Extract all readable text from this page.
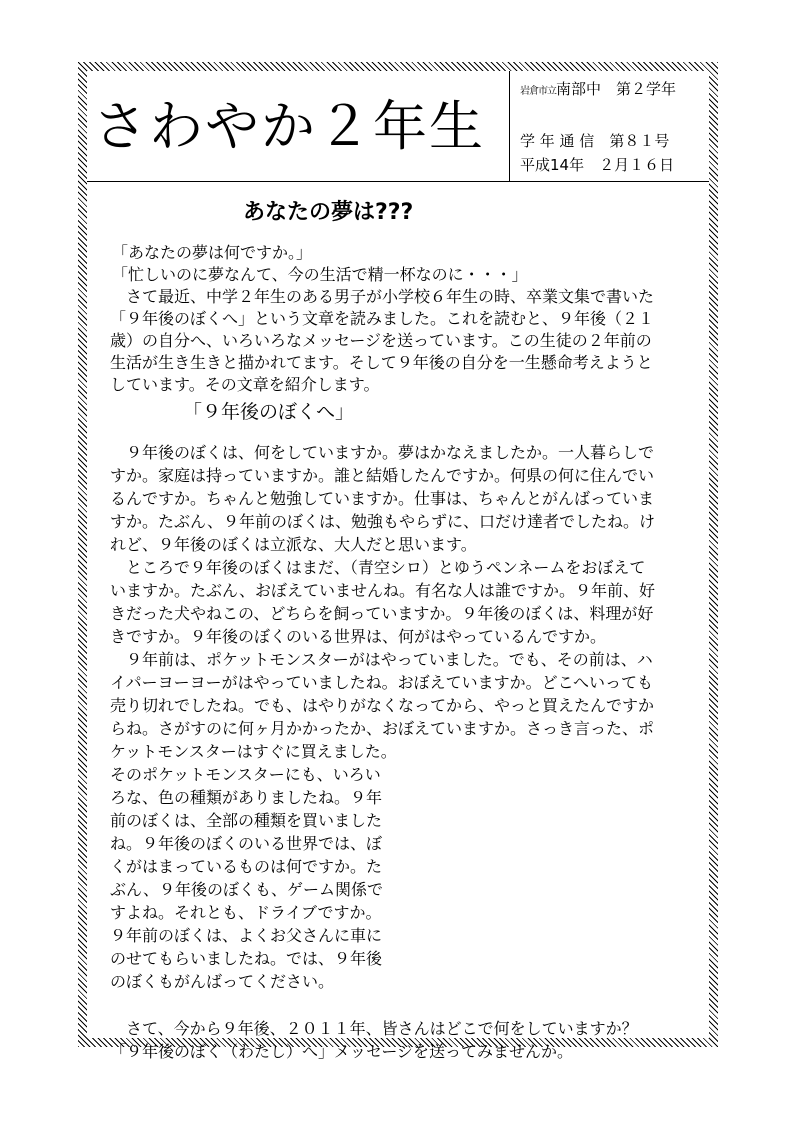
さわやか２年生
岩倉市立南部中　 第２学年
学 年 通 信　 第８１号
平成14年　 ２月１６日
あなたの夢は???
「あなたの夢は何ですか。」
「忙しいのに夢なんて、今の生活で精一杯なのに・・・」
　さて最近、中学２年生のある男子が小学校６年生の時、卒業文集で書いた
「９年後のぼくへ」という文章を読みました。これを読むと、９年後（２１
歳）の自分へ、いろいろなメッセージを送っています。この生徒の２年前の
生活が生き生きと描かれてます。そして９年後の自分を一生懸命考えようと
しています。その文章を紹介します。
「９年後のぼくへ」
　９年後のぼくは、何をしていますか。夢はかなえましたか。一人暮らしで
すか。家庭は持っていますか。誰と結婚したんですか。何県の何に住んでい
るんですか。ちゃんと勉強していますか。仕事は、ちゃんとがんばっていま
すか。たぶん、９年前のぼくは、勉強もやらずに、口だけ達者でしたね。け
れど、９年後のぼくは立派な、大人だと思います。
　ところで９年後のぼくはまだ、（青空シロ）とゆうペンネームをおぼえて
いますか。たぶん、おぼえていませんね。有名な人は誰ですか。９年前、好
きだった犬やねこの、どちらを飼っていますか。９年後のぼくは、料理が好
きですか。９年後のぼくのいる世界は、何がはやっているんですか。
　９年前は、ポケットモンスターがはやっていました。でも、その前は、ハ
イパーヨーヨーがはやっていましたね。おぼえていますか。どこへいっても
売り切れでしたね。でも、はやりがなくなってから、やっと買えたんですか
らね。さがすのに何ヶ月かかったか、おぼえていますか。さっき言った、ポ
ケットモンスターはすぐに買えました。
そのポケットモンスターにも、いろい
ろな、色の種類がありましたね。９年
前のぼくは、全部の種類を買いました
ね。９年後のぼくのいる世界では、ぼ
くがはまっているものは何ですか。た
ぶん、９年後のぼくも、ゲーム関係で
すよね。それとも、ドライブですか。
９年前のぼくは、よくお父さんに車に
のせてもらいましたね。では、９年後
のぼくもがんばってください。
　さて、今から９年後、２０１１年、皆さんはどこで何をしていますか？
「９年後のぼく（わたし）へ」メッセージを送ってみませんか。
